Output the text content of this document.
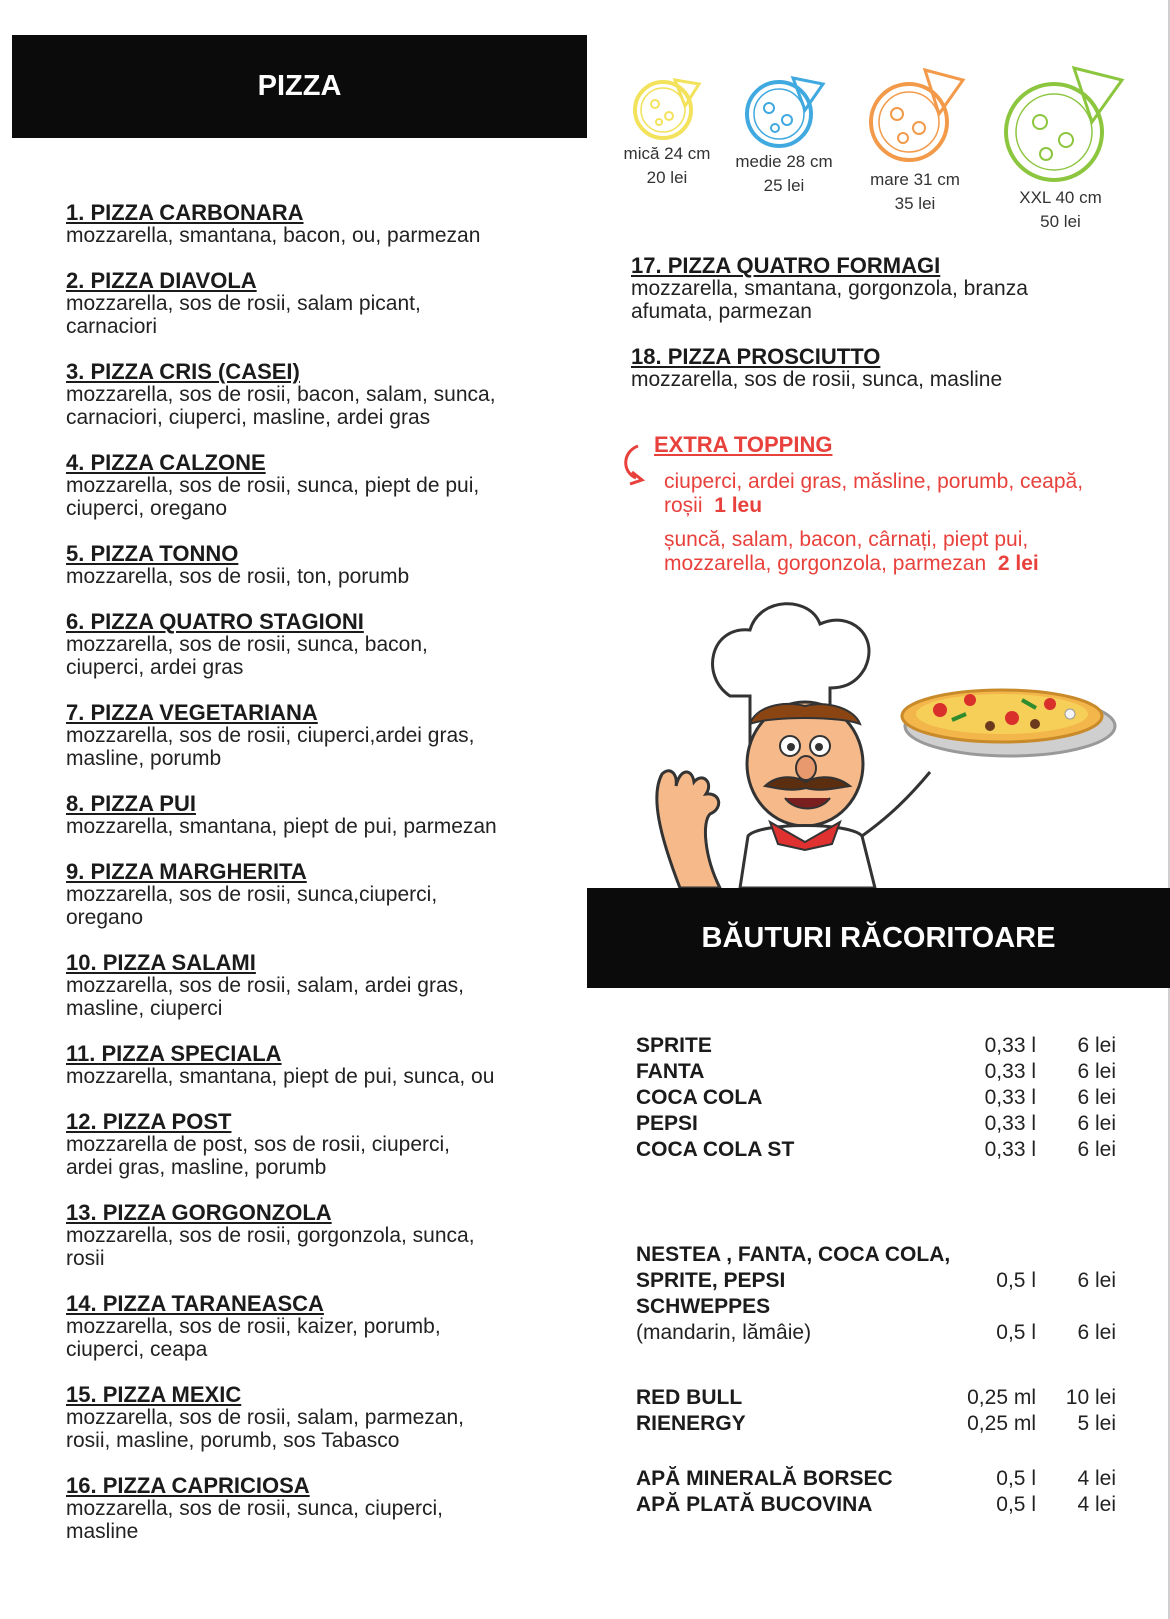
PIZZA
mică 24 cm
20 lei
medie 28 cm
25 lei	mare 31 cm
35 lei	XXL 40 cm
50 lei
1. PIZZA CARBONARA
mozzarella, smantana, bacon, ou, parmezan
2. PIZZA DIAVOLA
mozzarella, sos de rosii, salam picant,
carnaciori
3. PIZZA CRIS (CASEI)
mozzarella, sos de rosii, bacon, salam, sunca,
carnaciori, ciuperci, masline, ardei gras
4. PIZZA CALZONE
mozzarella, sos de rosii, sunca, piept de pui,
ciuperci, oregano
5. PIZZA TONNO
mozzarella, sos de rosii, ton, porumb
6. PIZZA QUATRO STAGIONI
mozzarella, sos de rosii, sunca, bacon,
ciuperci, ardei gras
7. PIZZA VEGETARIANA
mozzarella, sos de rosii, ciuperci,ardei gras,
masline, porumb
8. PIZZA PUI
mozzarella, smantana, piept de pui, parmezan
9. PIZZA MARGHERITA
mozzarella, sos de rosii, sunca,ciuperci,
oregano
10. PIZZA SALAMI
mozzarella, sos de rosii, salam, ardei gras,
masline, ciuperci
11. PIZZA SPECIALA
mozzarella, smantana, piept de pui, sunca, ou
12. PIZZA POST
mozzarella de post, sos de rosii, ciuperci,
ardei gras, masline, porumb
13. PIZZA GORGONZOLA
mozzarella, sos de rosii, gorgonzola, sunca,
rosii
14. PIZZA TARANEASCA
mozzarella, sos de rosii, kaizer, porumb,
ciuperci, ceapa
15. PIZZA MEXIC
mozzarella, sos de rosii, salam, parmezan,
rosii, masline, porumb, sos Tabasco
16. PIZZA CAPRICIOSA
mozzarella, sos de rosii, sunca, ciuperci,
masline
17. PIZZA QUATRO FORMAGI
mozzarella, smantana, gorgonzola, branza
afumata, parmezan
18. PIZZA PROSCIUTTO
mozzarella, sos de rosii, sunca, masline
EXTRA TOPPING
ciuperci, ardei gras, măsline, porumb, ceapă,
roșii 1 leu
șuncă, salam, bacon, cârnați, piept pui,
mozzarella, gorgonzola, parmezan 2 lei
BĂUTURI RĂCORITOARE
SPRITE	0,33 l	6 lei
FANTA	0,33 l	6 lei
COCA COLA	0,33 l	6 lei
PEPSI	0,33 l	6 lei
COCA COLA ST	0,33 l	6 lei
NESTEA , FANTA, COCA COLA,
SPRITE, PEPSI	0,5 l	6 lei
SCHWEPPES
(mandarin, lămâie)	0,5 l	6 lei
RED BULL	0,25 ml	10 lei
RIENERGY	0,25 ml	5 lei
APĂ MINERALĂ BORSEC	0,5 l	4 lei
APĂ PLATĂ BUCOVINA	0,5 l	4 lei
